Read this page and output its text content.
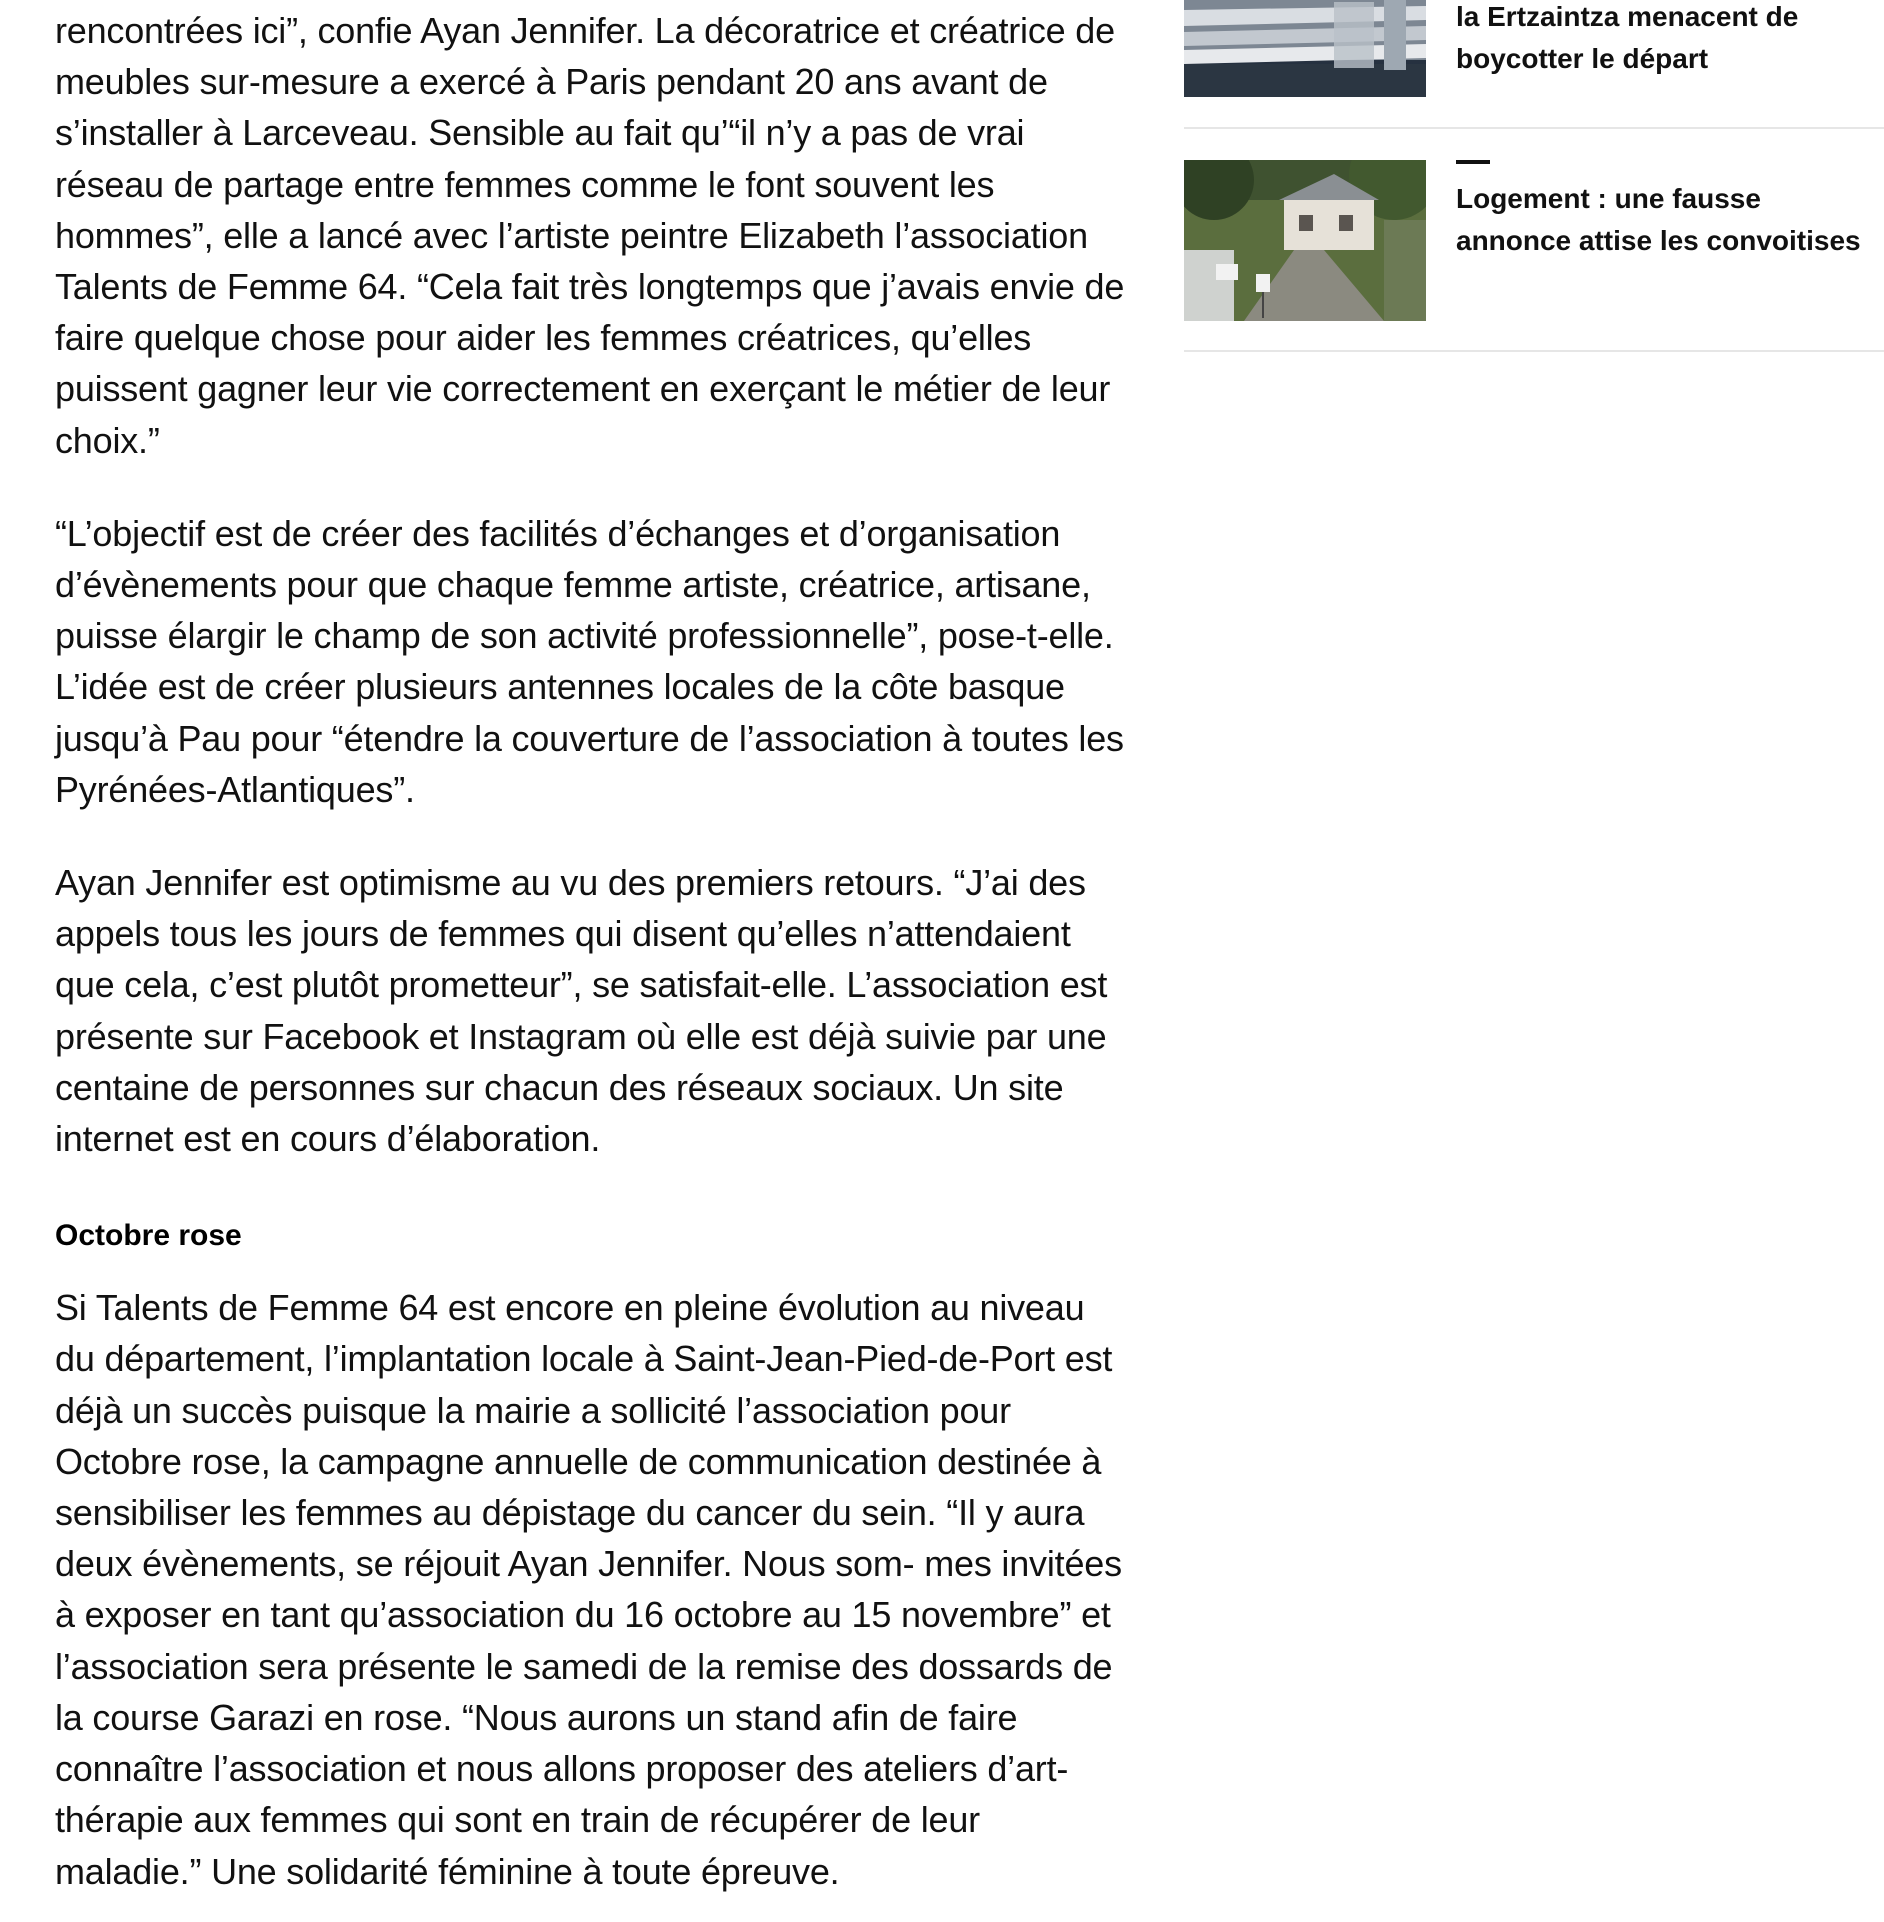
rencontrées ici”, confie Ayan Jennifer. La décoratrice et créatrice de meubles sur-mesure a exercé à Paris pendant 20 ans avant de s’installer à Larceveau. Sensible au fait qu’“il n’y a pas de vrai réseau de partage entre femmes comme le font souvent les hommes”, elle a lancé avec l’artiste peintre Elizabeth l’association Talents de Femme 64. “Cela fait très longtemps que j’avais envie de faire quelque chose pour aider les femmes créatrices, qu’elles puissent gagner leur vie correctement en exerçant le métier de leur choix.”

“L’objectif est de créer des facilités d’échanges et d’organisation d’évènements pour que chaque femme artiste, créatrice, artisane, puisse élargir le champ de son activité professionnelle”, pose-t-elle. L’idée est de créer plusieurs antennes locales de la côte basque jusqu’à Pau pour “étendre la couverture de l’association à toutes les Pyrénées-Atlantiques”.

Ayan Jennifer est optimisme au vu des premiers retours. “J’ai des appels tous les jours de femmes qui disent qu’elles n’attendaient que cela, c’est plutôt prometteur”, se satisfait-elle. L’association est présente sur Facebook et Instagram où elle est déjà suivie par une centaine de personnes sur chacun des réseaux sociaux. Un site internet est en cours d’élaboration.

Octobre rose

Si Talents de Femme 64 est encore en pleine évolution au niveau du département, l’implantation locale à Saint-Jean-Pied-de-Port est déjà un succès puisque la mairie a sollicité l’association pour Octobre rose, la campagne annuelle de communication destinée à sensibiliser les femmes au dépistage du cancer du sein. “Il y aura deux évènements, se réjouit Ayan Jennifer. Nous som- mes invitées à exposer en tant qu’association du 16 octobre au 15 novembre” et l’association sera présente le samedi de la remise des dossards de la course Garazi en rose. “Nous aurons un stand afin de faire connaître l’association et nous allons proposer des ateliers d’art-thérapie aux femmes qui sont en train de récupérer de leur maladie.” Une solidarité féminine à toute épreuve.

la Ertzaintza menacent de boycotter le départ
Logement : une fausse annonce attise les convoitises
